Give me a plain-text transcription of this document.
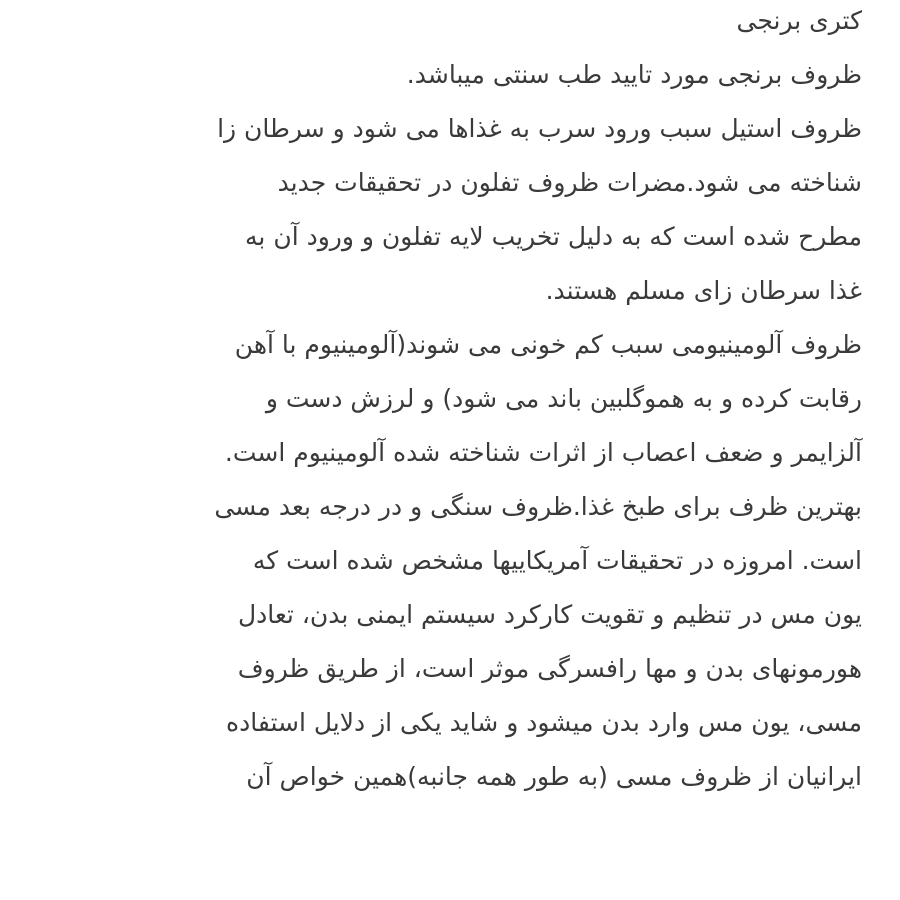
کتری برنجی
ظروف برنجی مورد تایید طب سنتی میباشد.
ظروف استیل سبب ورود سرب به غذاها می شود و سرطان زا
شناخته می شود.مضرات ظروف تفلون در تحقیقات جدید
مطرح شده است که به دلیل تخریب لایه تفلون و ورود آن به
غذا سرطان زای مسلم هستند.
ظروف آلومینیومی سبب کم خونی می شوند(آلومینیوم با آهن
رقابت کرده و به هموگلبین باند می شود) و لرزش دست و
آلزایمر و ضعف اعصاب از اثرات شناخته شده آلومینیوم است.
بهترین ظرف برای طبخ غذا.ظروف سنگی و در درجه بعد مسی
است. امروزه در تحقیقات آمریکاییها مشخص شده است که
یون مس در تنظیم و تقویت کارکرد سیستم ایمنی بدن، تعادل
هورمونهای بدن و مها رافسرگی موثر است، از طریق ظروف
مسی، یون مس وارد بدن میشود و شاید یکی از دلایل استفاده
ایرانیان از ظروف مسی (به طور همه جانبه)همین خواص آن
